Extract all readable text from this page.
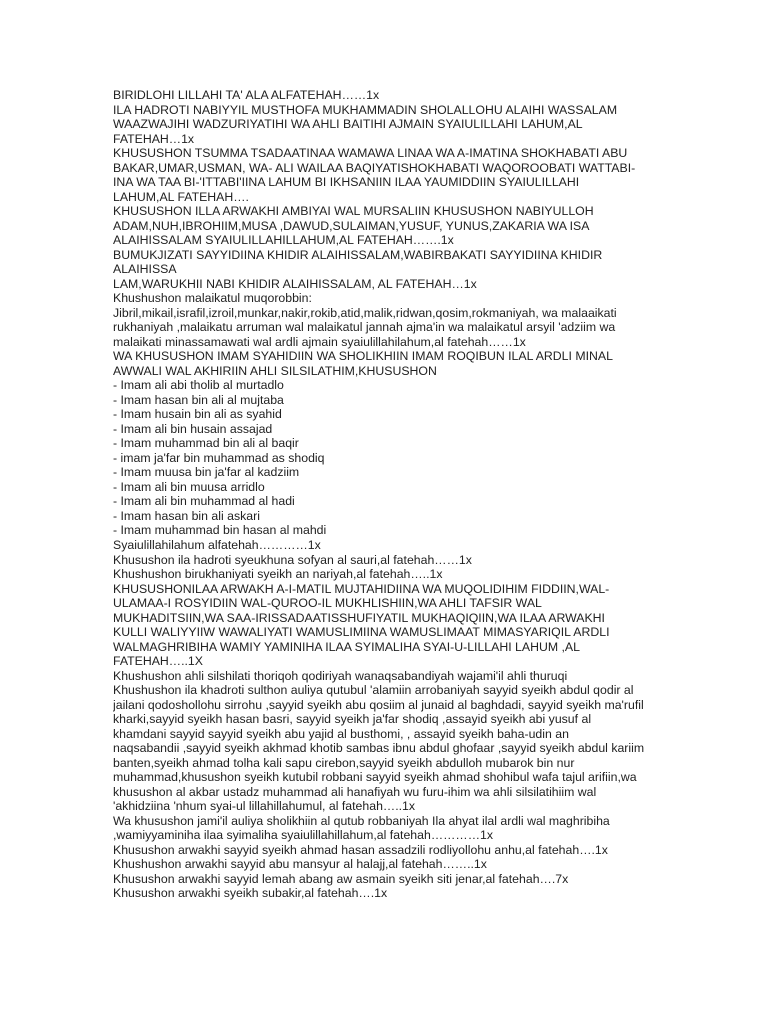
BIRIDLOHI LILLAHI TA' ALA ALFATEHAH……1x
ILA HADROTI NABIYYIL MUSTHOFA MUKHAMMADIN SHOLALLOHU ALAIHI WASSALAM
WAAZWAJIHI WADZURIYATIHI WA AHLI BAITIHI AJMAIN SYAIULILLAHI LAHUM,AL
FATEHAH…1x
KHUSUSHON TSUMMA TSADAATINAA WAMAWA LINAA WA A-IMATINA SHOKHABATI ABU
BAKAR,UMAR,USMAN, WA- ALI WAILAA BAQIYATISHOKHABATI WAQOROOBATI WATTABI-
INA WA TAA BI-'ITTABI'IINA LAHUM BI IKHSANIIN ILAA YAUMIDDIIN SYAIULILLAHI
LAHUM,AL FATEHAH….
KHUSUSHON ILLA ARWAKHI AMBIYAI WAL MURSALIIN KHUSUSHON NABIYULLOH
ADAM,NUH,IBROHIIM,MUSA ,DAWUD,SULAIMAN,YUSUF, YUNUS,ZAKARIA WA ISA
ALAIHISSALAM SYAIULILLAHILLAHUM,AL FATEHAH…….1x
BUMUKJIZATI SAYYIDIINA KHIDIR ALAIHISSALAM,WABIRBAKATI SAYYIDIINA KHIDIR
ALAIHISSA
LAM,WARUKHII NABI KHIDIR ALAIHISSALAM, AL FATEHAH…1x
Khushushon malaikatul muqorobbin:
Jibril,mikail,israfil,izroil,munkar,nakir,rokib,atid,malik,ridwan,qosim,rokmaniyah, wa malaaikati
rukhaniyah ,malaikatu arruman wal malaikatul jannah ajma'in wa malaikatul arsyil 'adziim wa
malaikati minassamawati wal ardli ajmain syaiulillahilahum,al fatehah……1x
WA KHUSUSHON IMAM SYAHIDIIN WA SHOLIKHIIN IMAM ROQIBUN ILAL ARDLI MINAL
AWWALI WAL AKHIRIIN AHLI SILSILATHIM,KHUSUSHON
- Imam ali abi tholib al murtadlo
- Imam hasan bin ali al mujtaba
- Imam husain bin ali as syahid
- Imam ali bin husain assajad
- Imam muhammad bin ali al baqir
- imam ja'far bin muhammad as shodiq
- Imam muusa bin ja'far al kadziim
- Imam ali bin muusa arridlo
- Imam ali bin muhammad al hadi
- Imam hasan bin ali askari
- Imam muhammad bin hasan al mahdi
Syaiulillahilahum alfatehah…………1x
Khusushon ila hadroti syeukhuna sofyan al sauri,al fatehah……1x
Khushushon birukhaniyati syeikh an nariyah,al fatehah…..1x
KHUSUSHONILAA ARWAKH A-I-MATIL MUJTAHIDIINA WA MUQOLIDIHIM FIDDIIN,WAL-
ULAMAA-I ROSYIDIIN WAL-QUROO-IL MUKHLISHIIN,WA AHLI TAFSIR WAL
MUKHADITSIIN,WA SAA-IRISSADAATISSHUFIYATIL MUKHAQIQIIN,WA ILAA ARWAKHI
KULLI WALIYYIIW WAWALIYATI WAMUSLIMIINA WAMUSLIMAAT MIMASYARIQIL ARDLI
WALMAGHRIBIHA WAMIY YAMINIHA ILAA SYIMALIHA SYAI-U-LILLAHI LAHUM ,AL
FATEHAH…..1X
Khushushon ahli silshilati thoriqoh qodiriyah wanaqsabandiyah wajami'il ahli thuruqi
Khushushon ila khadroti sulthon auliya qutubul 'alamiin arrobaniyah sayyid syeikh abdul qodir al
jailani qodoshollohu sirrohu ,sayyid syeikh abu qosiim al junaid al baghdadi, sayyid syeikh ma'rufil
kharki,sayyid syeikh hasan basri, sayyid syeikh ja'far shodiq ,assayid syeikh abi yusuf al
khamdani sayyid sayyid syeikh abu yajid al busthomi, , assayid syeikh baha-udin an
naqsabandii ,sayyid syeikh akhmad khotib sambas ibnu abdul ghofaar ,sayyid syeikh abdul kariim
banten,syeikh ahmad tolha kali sapu cirebon,sayyid syeikh abdulloh mubarok bin nur
muhammad,khusushon syeikh kutubil robbani sayyid syeikh ahmad shohibul wafa tajul arifiin,wa
khusushon al akbar ustadz muhammad ali hanafiyah wu furu-ihim wa ahli silsilatihiim wal
'akhidziina 'nhum syai-ul lillahillahumul, al fatehah…..1x
Wa khusushon jami'il auliya sholikhiin al qutub robbaniyah Ila ahyat ilal ardli wal maghribiha
,wamiyyaminiha ilaa syimaliha syaiulillahillahum,al fatehah…………1x
Khusushon arwakhi sayyid syeikh ahmad hasan assadzili rodliyollohu anhu,al fatehah….1x
Khushushon arwakhi sayyid abu mansyur al halajj,al fatehah……..1x
Khusushon arwakhi sayyid lemah abang aw asmain syeikh siti jenar,al fatehah….7x
Khusushon arwakhi syeikh subakir,al fatehah….1x
